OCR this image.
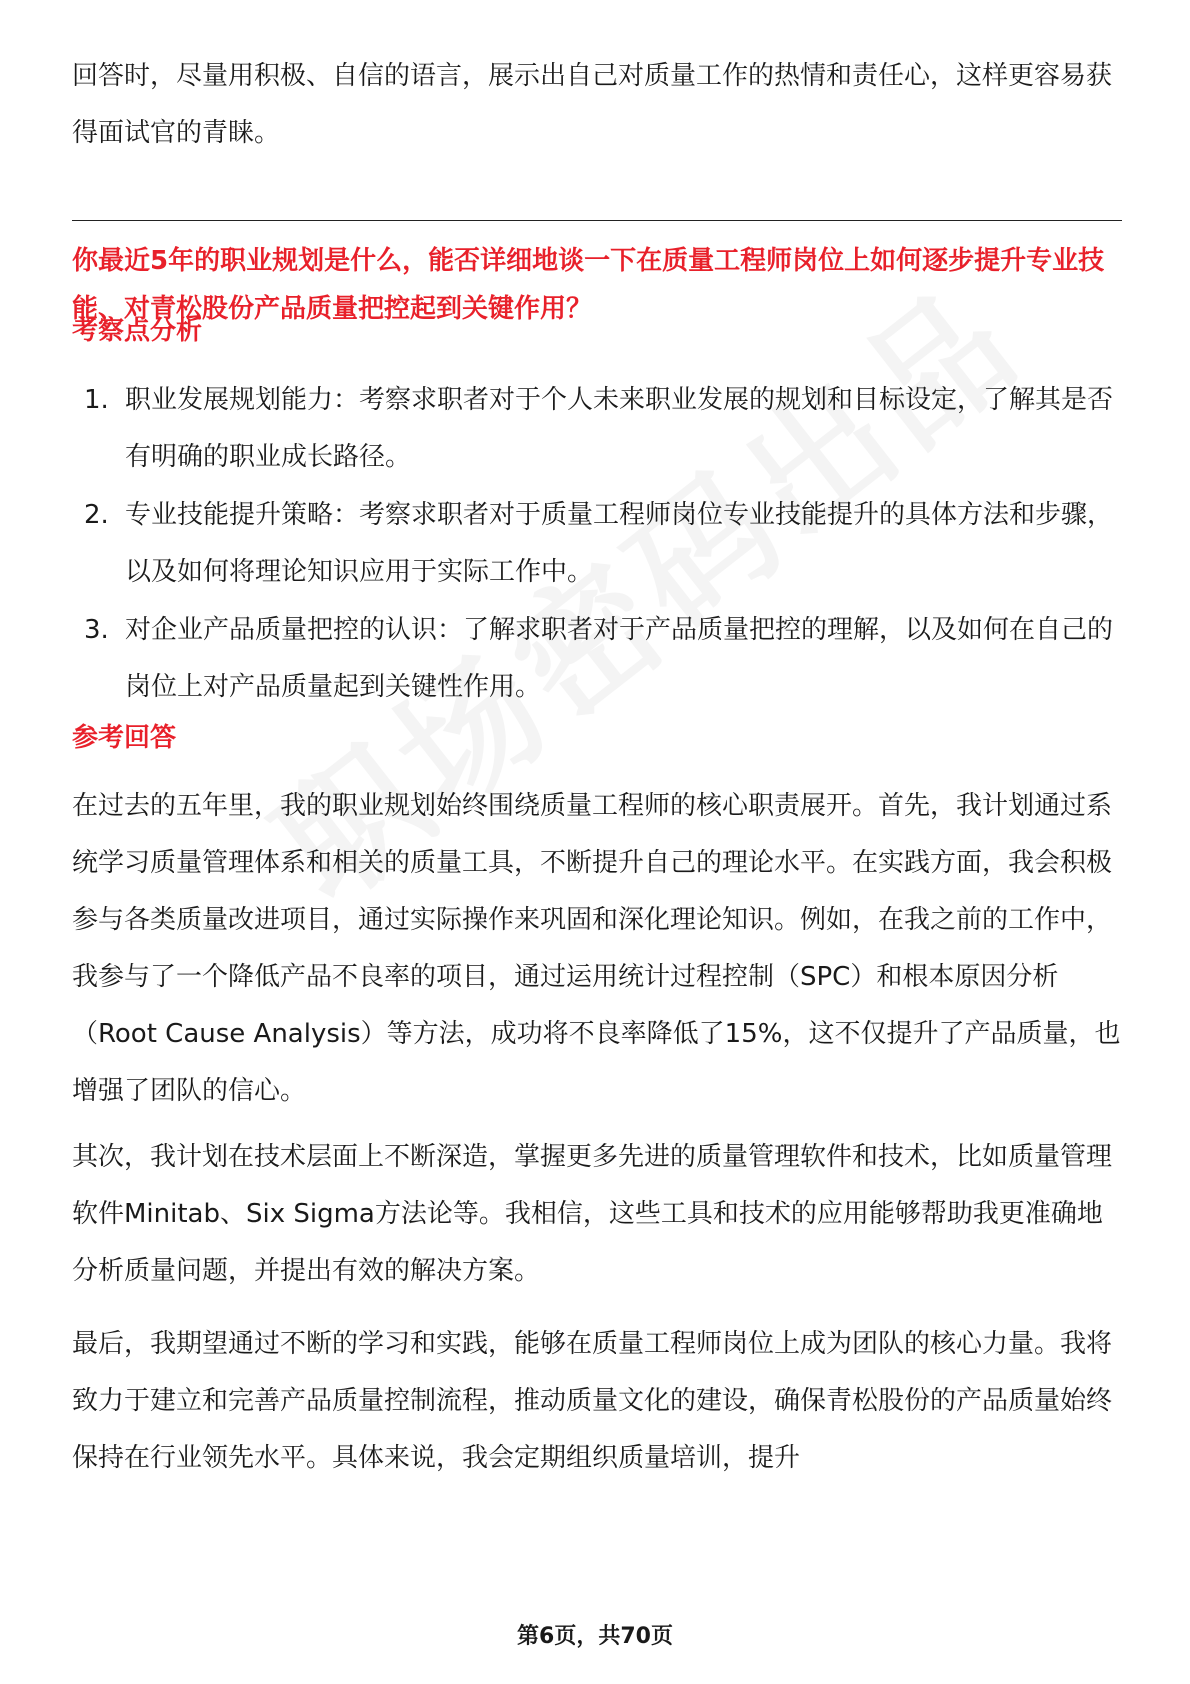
回答时，尽量用积极、自信的语言，展示出自己对质量工作的热情和责任心，这样更容易获得面试官的青睐。

你最近5年的职业规划是什么，能否详细地谈一下在质量工程师岗位上如何逐步提升专业技能、对青松股份产品质量把控起到关键作用？

考察点分析

1. 职业发展规划能力：考察求职者对于个人未来职业发展的规划和目标设定，了解其是否有明确的职业成长路径。
2. 专业技能提升策略：考察求职者对于质量工程师岗位专业技能提升的具体方法和步骤，以及如何将理论知识应用于实际工作中。
3. 对企业产品质量把控的认识：了解求职者对于产品质量把控的理解，以及如何在自己的岗位上对产品质量起到关键性作用。

参考回答

在过去的五年里，我的职业规划始终围绕质量工程师的核心职责展开。首先，我计划通过系统学习质量管理体系和相关的质量工具，不断提升自己的理论水平。在实践方面，我会积极参与各类质量改进项目，通过实际操作来巩固和深化理论知识。例如，在我之前的工作中，我参与了一个降低产品不良率的项目，通过运用统计过程控制（SPC）和根本原因分析（Root Cause Analysis）等方法，成功将不良率降低了15%，这不仅提升了产品质量，也增强了团队的信心。

其次，我计划在技术层面上不断深造，掌握更多先进的质量管理软件和技术，比如质量管理软件Minitab、Six Sigma方法论等。我相信，这些工具和技术的应用能够帮助我更准确地分析质量问题，并提出有效的解决方案。

最后，我期望通过不断的学习和实践，能够在质量工程师岗位上成为团队的核心力量。我将致力于建立和完善产品质量控制流程，推动质量文化的建设，确保青松股份的产品质量始终保持在行业领先水平。具体来说，我会定期组织质量培训，提升

第6页，共70页
